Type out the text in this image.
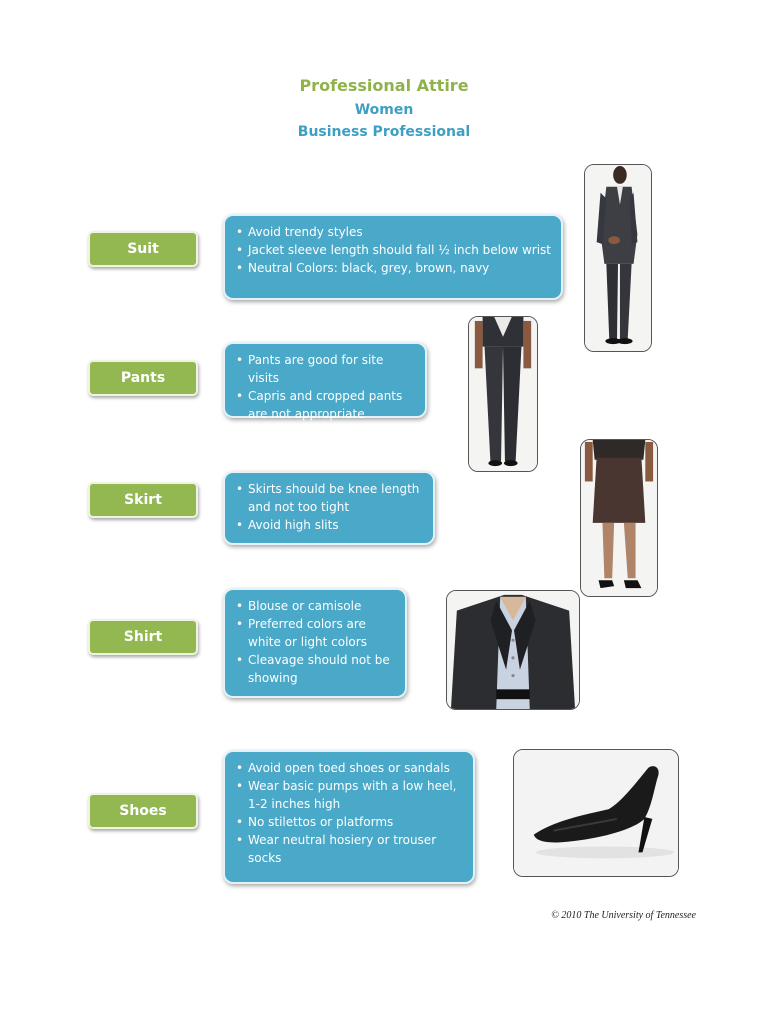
Professional Attire
Women
Business Professional
Suit
• Avoid trendy styles
• Jacket sleeve length should fall ½ inch below wrist
• Neutral Colors: black, grey, brown, navy
Pants
• Pants are good for site visits
• Capris and cropped pants are not appropriate
Skirt
• Skirts should be knee length and not too tight
• Avoid high slits
Shirt
• Blouse or camisole
• Preferred colors are white or light colors
• Cleavage should not be showing
Shoes
• Avoid open toed shoes or sandals
• Wear basic pumps with a low heel, 1-2 inches high
• No stilettos or platforms
• Wear neutral hosiery or trouser socks
© 2010 The University of Tennessee
